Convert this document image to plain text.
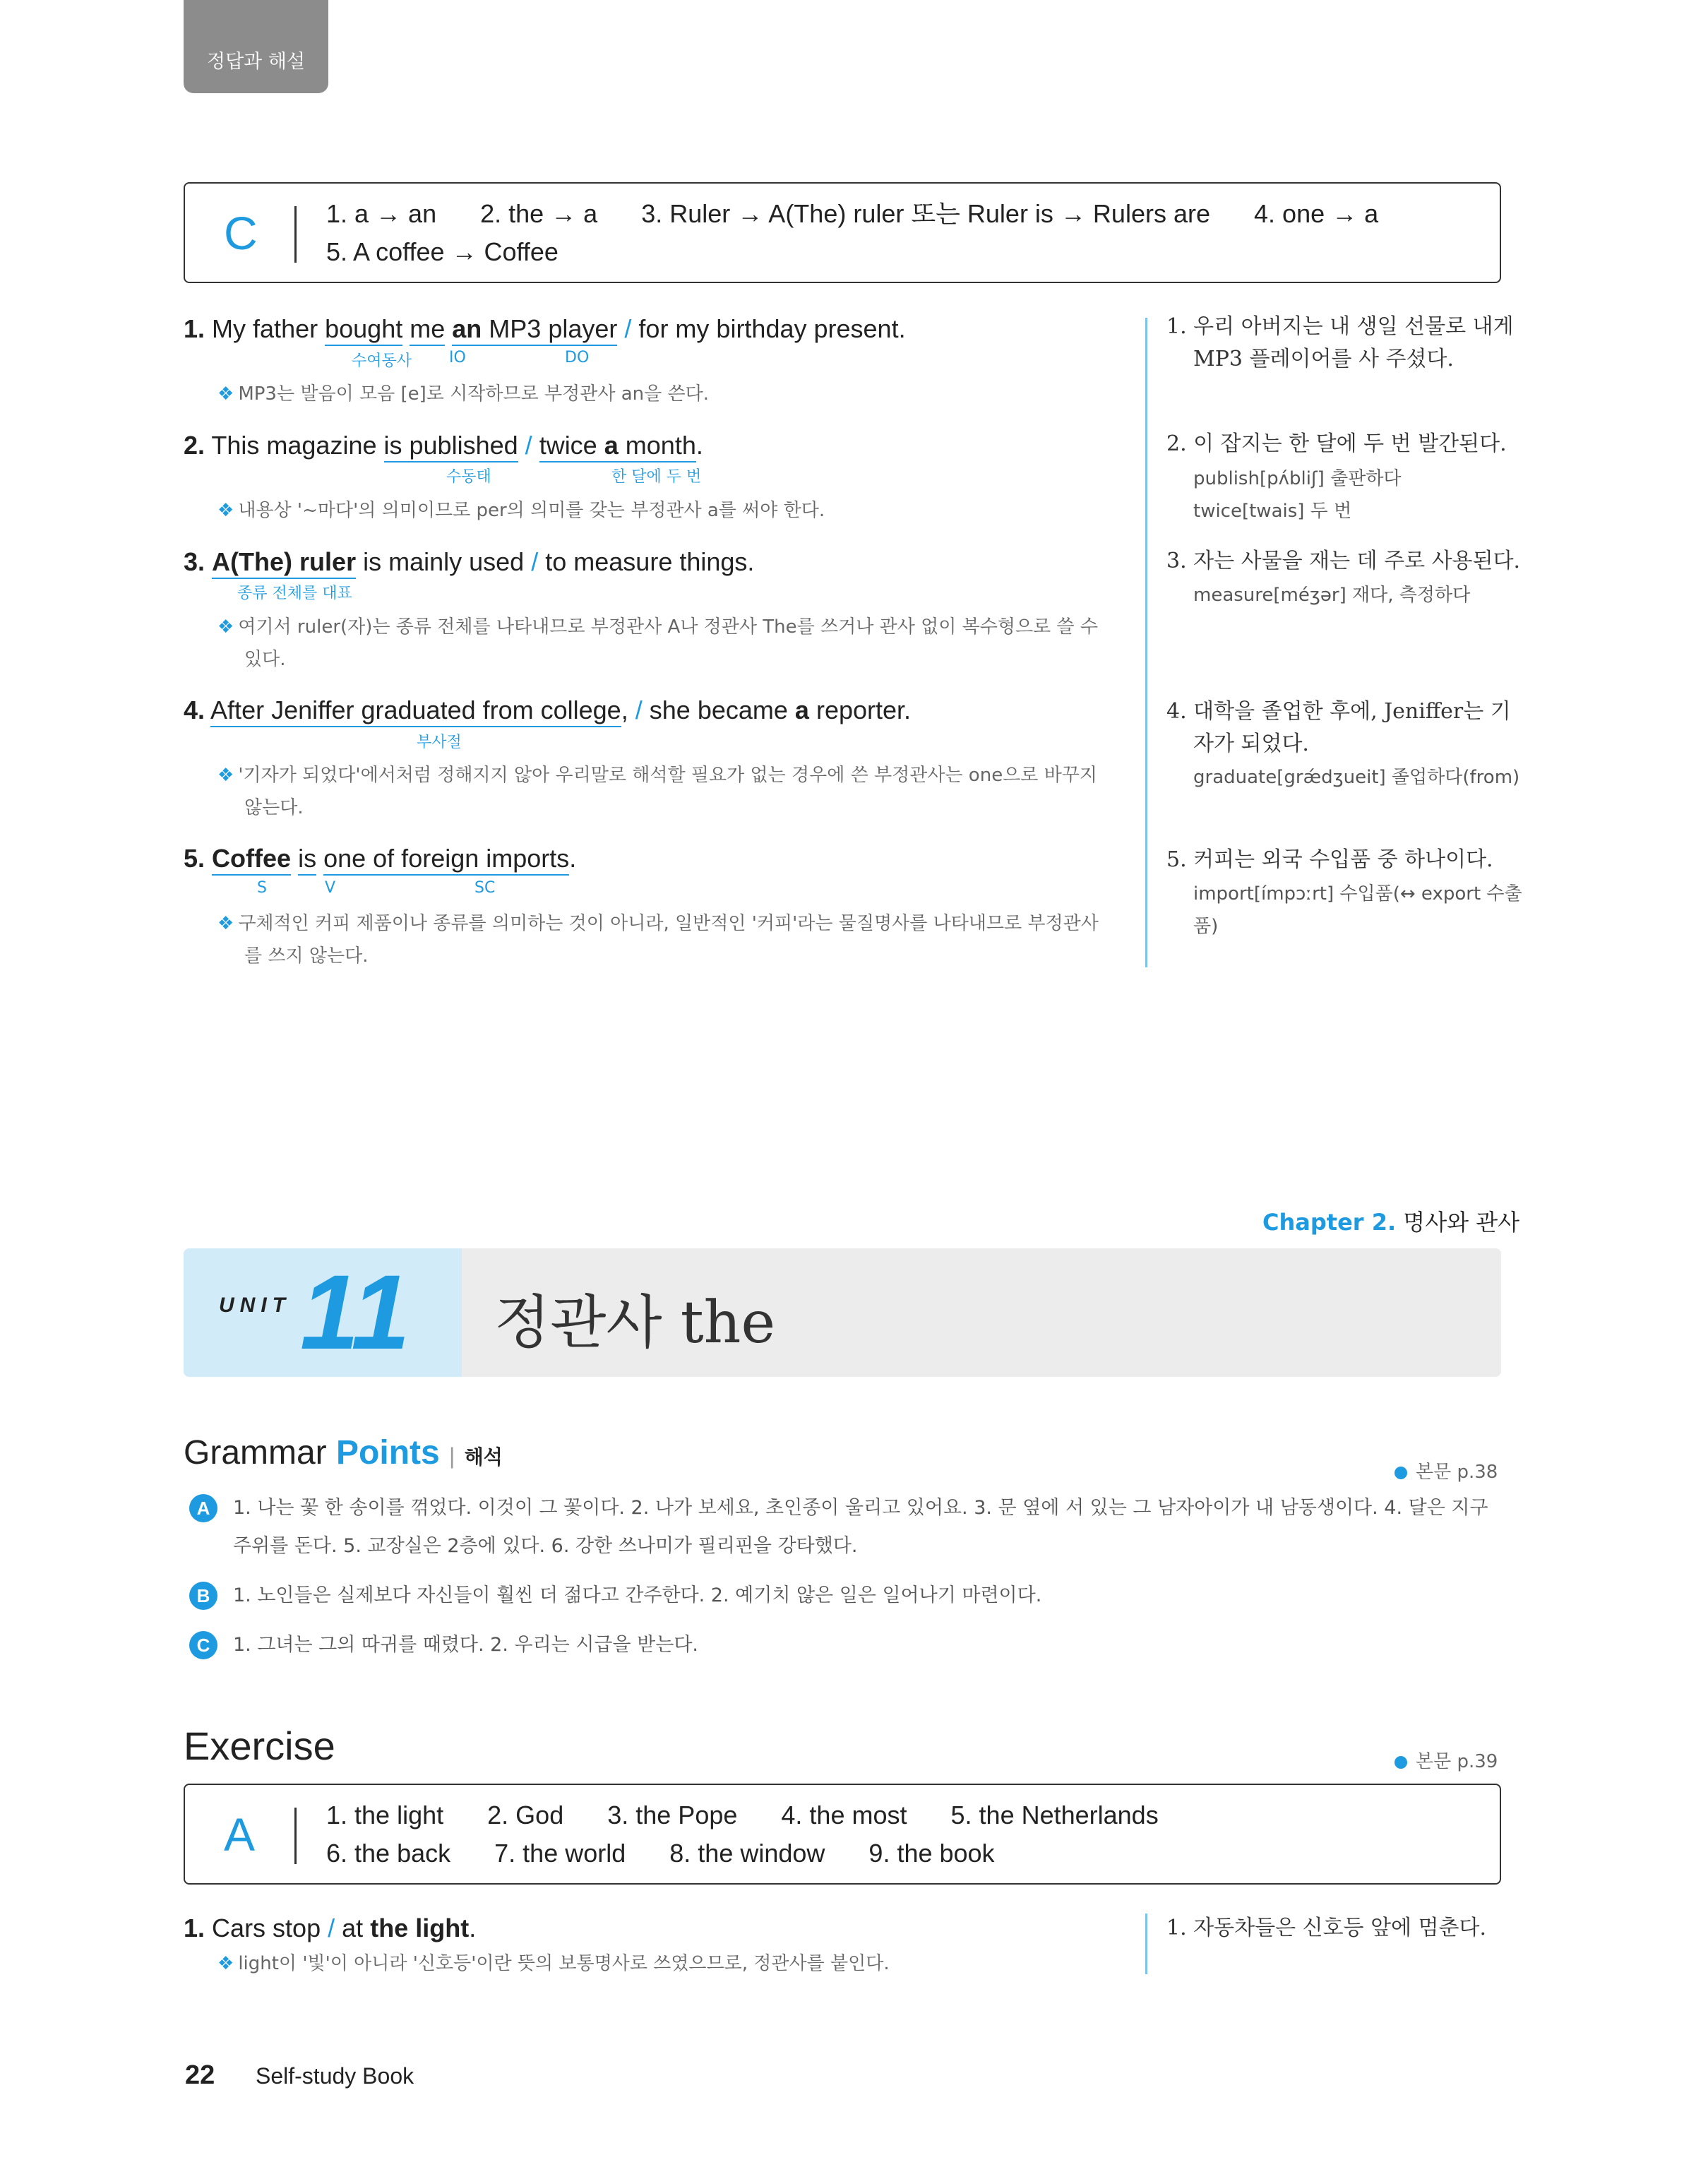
정답과 해설
C	1. a → an 2. the → a 3. Ruler → A(The) ruler 또는 Ruler is → Rulers are 4. one → a
5. A coffee → Coffee
1. My father bought me an MP3 player / for my birthday present.
수여동사 IO	DO
❖ MP3는 발음이 모음 [e]로 시작하므로 부정관사 an을 쓴다.
1. 우리 아버지는 내 생일 선물로 내게
MP3 플레이어를 사 주셨다.
2. This magazine is published / twice a month.
수동태	한 달에 두 번
❖ 내용상 '~마다'의 의미이므로 per의 의미를 갖는 부정관사 a를 써야 한다.
2. 이 잡지는 한 달에 두 번 발간된다.
publish[pʌ́bliʃ] 출판하다
twice[twais] 두 번
3. A(The) ruler is mainly used / to measure things.
종류 전체를 대표
❖ 여기서 ruler(자)는 종류 전체를 나타내므로 부정관사 A나 정관사 The를 쓰거나 관사 없이 복수형으로 쓸 수
있다.
3. 자는 사물을 재는 데 주로 사용된다.
measure[méʒər] 재다, 측정하다
4. After Jeniffer graduated from college, / she became a reporter.
부사절
❖ '기자가 되었다'에서처럼 정해지지 않아 우리말로 해석할 필요가 없는 경우에 쓴 부정관사는 one으로 바꾸지
않는다.
4. 대학을 졸업한 후에, Jeniffer는 기
자가 되었다.
graduate[grǽdʒueit] 졸업하다(from)
5. Coffee is one of foreign imports.
S	V	SC
❖ 구체적인 커피 제품이나 종류를 의미하는 것이 아니라, 일반적인 '커피'라는 물질명사를 나타내므로 부정관사
를 쓰지 않는다.
5. 커피는 외국 수입품 중 하나이다.
import[ímpɔːrt] 수입품(↔ export 수출
품)
Chapter 2. 명사와 관사
UNIT 11 정관사 the
Grammar Points | 해석
본문 p.38
A	1. 나는 꽃 한 송이를 꺾었다. 이것이 그 꽃이다. 2. 나가 보세요, 초인종이 울리고 있어요. 3. 문 옆에 서 있는 그 남자아이가 내 남동생이다. 4. 달은 지구
주위를 돈다. 5. 교장실은 2층에 있다. 6. 강한 쓰나미가 필리핀을 강타했다.
B	1. 노인들은 실제보다 자신들이 훨씬 더 젊다고 간주한다. 2. 예기치 않은 일은 일어나기 마련이다.
C	1. 그녀는 그의 따귀를 때렸다. 2. 우리는 시급을 받는다.
Exercise	본문 p.39
A	1. the light 2. God 3. the Pope 4. the most 5. the Netherlands
6. the back 7. the world 8. the window 9. the book
1. Cars stop / at the light.
❖ light이 '빛'이 아니라 '신호등'이란 뜻의 보통명사로 쓰였으므로, 정관사를 붙인다.
1. 자동차들은 신호등 앞에 멈춘다.
22 Self-study Book
